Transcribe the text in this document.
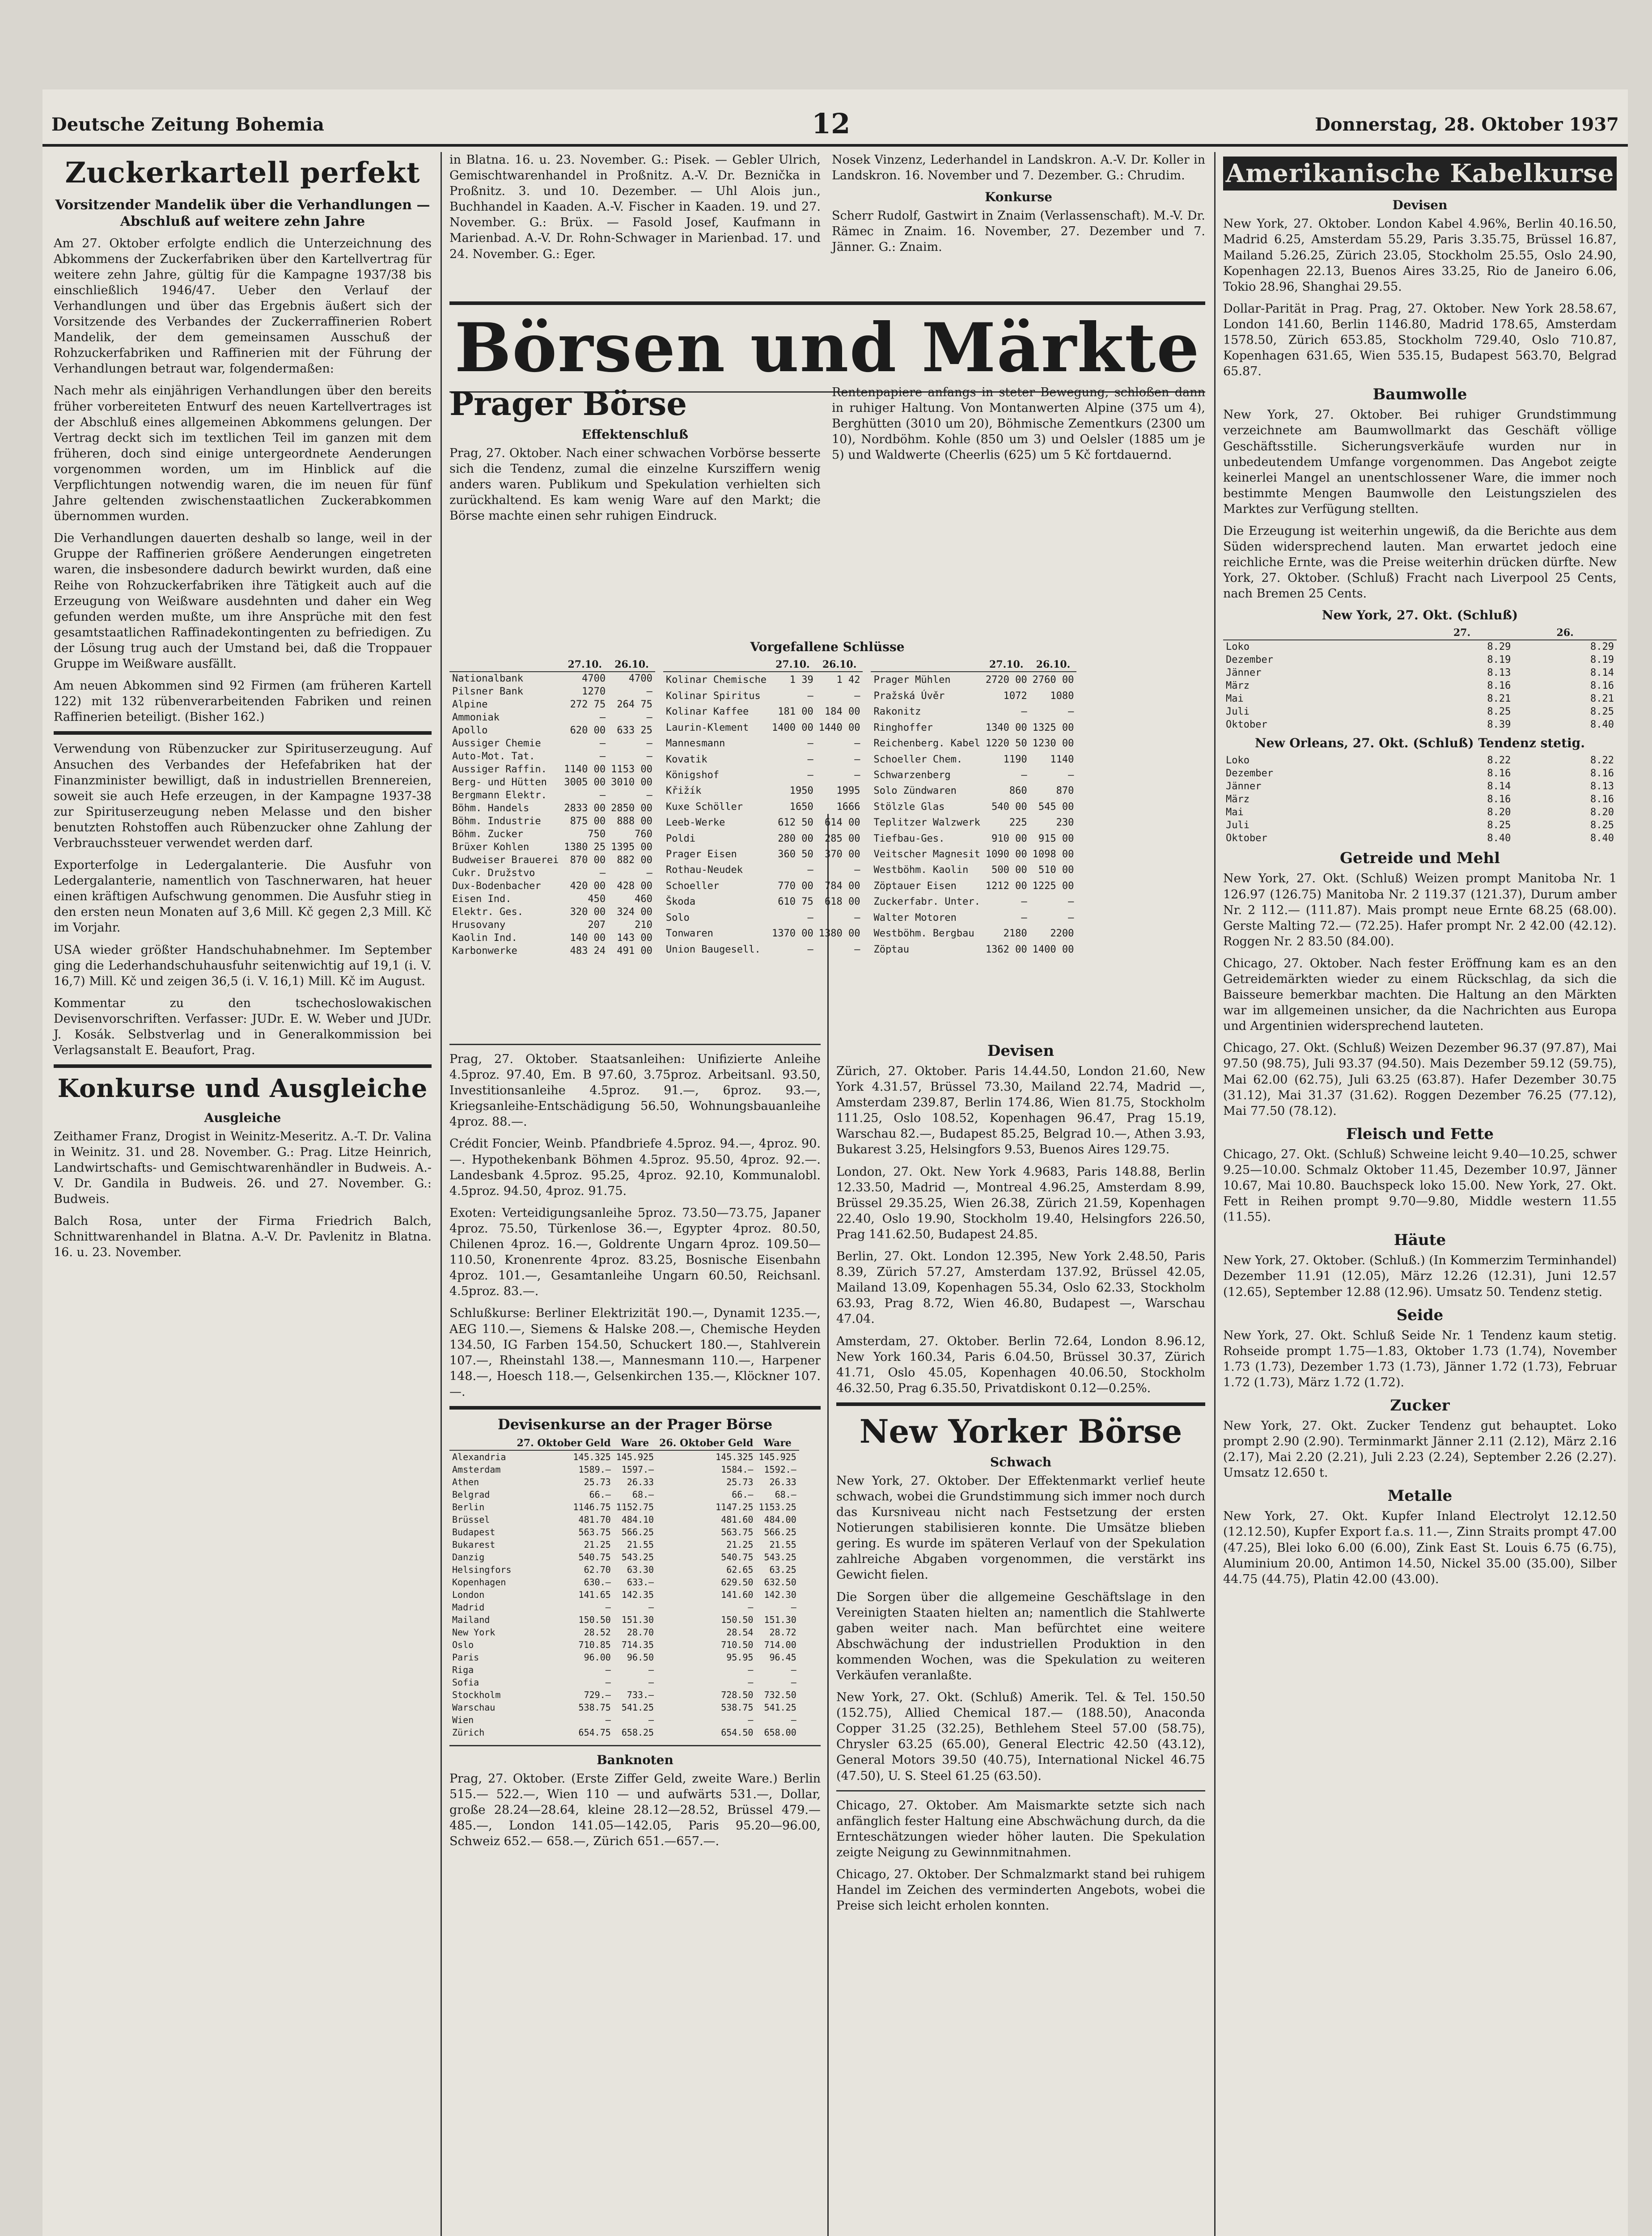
Deutsche Zeitung Bohemia	12	Donnerstag, 28. Oktober 1937
Zuckerkartell perfekt
Vorsitzender Mandelik über die Verhandlungen — Abschluß auf weitere zehn Jahre

Am 27. Oktober erfolgte endlich die Unterzeichnung des Abkommens der Zuckerfabriken über den Kartellvertrag für weitere zehn Jahre, gültig für die Kampagne 1937/38 bis einschließlich 1946/47. Ueber den Verlauf der Verhandlungen und über das Ergebnis äußert sich der Vorsitzende des Verbandes der Zuckerraffinerien Robert Mandelik, der dem gemeinsamen Ausschuß der Rohzuckerfabriken und Raffinerien mit der Führung der Verhandlungen betraut war, folgendermaßen:

Nach mehr als einjährigen Verhandlungen über den bereits früher vorbereiteten Entwurf des neuen Kartellvertrages ist der Abschluß eines allgemeinen Abkommens gelungen. Der Vertrag deckt sich im textlichen Teil im ganzen mit dem früheren, doch sind einige untergeordnete Aenderungen vorgenommen worden, um im Hinblick auf die Verpflichtungen notwendig waren, die im neuen für fünf Jahre geltenden zwischenstaatlichen Zuckerabkommen übernommen wurden.

Die Verhandlungen dauerten deshalb so lange, weil in der Gruppe der Raffinerien größere Aenderungen eingetreten waren, die insbesondere dadurch bewirkt wurden, daß eine Reihe von Rohzuckerfabriken ihre Tätigkeit auch auf die Erzeugung von Weißware ausdehnten und daher ein Weg gefunden werden mußte, um ihre Ansprüche mit den fest gesamtstaatlichen Raffinadekontingenten zu befriedigen. Zu der Lösung trug auch der Umstand bei, daß die Troppauer Gruppe im Weißware ausfällt.

Am neuen Abkommen sind 92 Firmen (am früheren Kartell 122) mit 132 rübenverarbeitenden Fabriken und reinen Raffinerien beteiligt. (Bisher 162.)

Verwendung von Rübenzucker zur Spirituserzeugung. Auf Ansuchen des Verbandes der Hefefabriken hat der Finanzminister bewilligt, daß in industriellen Brennereien, soweit sie auch Hefe erzeugen, in der Kampagne 1937-38 zur Spirituserzeugung neben Melasse und den bisher benutzten Rohstoffen auch Rübenzucker ohne Zahlung der Verbrauchssteuer verwendet werden darf.

Exporterfolge in Ledergalanterie. Die Ausfuhr von Ledergalanterie, namentlich von Taschnerwaren, hat heuer einen kräftigen Aufschwung genommen. Die Ausfuhr stieg in den ersten neun Monaten auf 3,6 Mill. Kč gegen 2,3 Mill. Kč im Vorjahr.

USA wieder größter Handschuhabnehmer. Im September ging die Lederhandschuhausfuhr seitenwichtig auf 19,1 (i. V. 16,7) Mill. Kč und zeigen 36,5 (i. V. 16,1) Mill. Kč im August.

Kommentar zu den tschechoslowakischen Devisenvorschriften. Verfasser: JUDr. E. W. Weber und JUDr. J. Kosák. Selbstverlag und in Generalkommission bei Verlagsanstalt E. Beaufort, Prag.

Konkurse und Ausgleiche
Ausgleiche

Zeithamer Franz, Drogist in Weinitz-Meseritz. A.-T. Dr. Valina in Weinitz. 31. und 28. November. G.: Prag. Litze Heinrich, Landwirtschafts- und Gemischtwarenhändler in Budweis. A.-V. Dr. Gandila in Budweis. 26. und 27. November. G.: Budweis.

Balch Rosa, unter der Firma Friedrich Balch, Schnittwarenhandel in Blatna. A.-V. Dr. Pavlenitz in Blatna. 16. u. 23. November.

in Blatna. 16. u. 23. November. G.: Pisek. — Gebler Ulrich, Gemischtwarenhandel in Proßnitz. A.-V. Dr. Beznička in Proßnitz. 3. und 10. Dezember. — Uhl Alois jun., Buchhandel in Kaaden. A.-V. Fischer in Kaaden. 19. und 27. November. G.: Brüx. — Fasold Josef, Kaufmann in Marienbad. A.-V. Dr. Rohn-Schwager in Marienbad. 17. und 24. November. G.: Eger.

Nosek Vinzenz, Lederhandel in Landskron. A.-V. Dr. Koller in Landskron. 16. November und 7. Dezember. G.: Chrudim.

Konkurse

Scherr Rudolf, Gastwirt in Znaim (Verlassenschaft). M.-V. Dr. Rämec in Znaim. 16. November, 27. Dezember und 7. Jänner. G.: Znaim.

Börsen und Märkte
Prager Börse
Effektenschluß

Prag, 27. Oktober. Nach einer schwachen Vorbörse besserte sich die Tendenz, zumal die einzelne Kursziffern wenig anders waren. Publikum und Spekulation verhielten sich zurückhaltend. Es kam wenig Ware auf den Markt; die Börse machte einen sehr ruhigen Eindruck.

Rentenpapiere anfangs in steter Bewegung, schloßen dann in ruhiger Haltung. Von Montanwerten Alpine (375 um 4), Berghütten (3010 um 20), Böhmische Zementkurs (2300 um 10), Nordböhm. Kohle (850 um 3) und Oelsler (1885 um je 5) und Waldwerte (Cheerlis (625) um 5 Kč fortdauernd.

Vorgefallene Schlüsse
	27.10.	26.10.
Nationalbank	4700	4700
Pilsner Bank	1270	—
Alpine	272 75	264 75
Ammoniak	—	—
Apollo	620 00	633 25
Aussiger Chemie	—	—
Auto-Mot. Tat.	—	—
Aussiger Raffin.	1140 00	1153 00
Berg- und Hütten	3005 00	3010 00
Bergmann Elektr.	—	—
Böhm. Handels	2833 00	2850 00
Böhm. Industrie	875 00	888 00
Böhm. Zucker	750	760
Brüxer Kohlen	1380 25	1395 00
Budweiser Brauerei	870 00	882 00
Cukr. Družstvo	—	—
Dux-Bodenbacher	420 00	428 00
Eisen Ind.	450	460
Elektr. Ges.	320 00	324 00
Hrusovany	207	210
Kaolin Ind.	140 00	143 00
Karbonwerke	483 24	491 00
	27.10.	26.10.
Kolinar Chemische	1 39	1 42
Kolinar Spiritus	—	—
Kolinar Kaffee	181 00	184 00
Laurin-Klement	1400 00	1440 00
Mannesmann	—	—
Kovatik	—	—
Königshof	—	—
Křižík	1950	1995
Kuxe Schöller	1650	1666
Leeb-Werke	612 50	614 00
Poldi	280 00	285 00
Prager Eisen	360 50	370 00
Rothau-Neudek	—	—
Schoeller	770 00	784 00
Škoda	610 75	618 00
Solo	—	—
Tonwaren	1370 00	1380 00
Union Baugesell.	—	—
	27.10.	26.10.
Prager Mühlen	2720 00	2760 00
Pražská Úvěr	1072	1080
Rakonitz	—	—
Ringhoffer	1340 00	1325 00
Reichenberg. Kabel	1220 50	1230 00
Schoeller Chem.	1190	1140
Schwarzenberg	—	—
Solo Zündwaren	860	870
Stölzle Glas	540 00	545 00
Teplitzer Walzwerk	225	230
Tiefbau-Ges.	910 00	915 00
Veitscher Magnesit	1090 00	1098 00
Westböhm. Kaolin	500 00	510 00
Zöptauer Eisen	1212 00	1225 00
Zuckerfabr. Unter.	—	—
Walter Motoren	—	—
Westböhm. Bergbau	2180	2200
Zöptau	1362 00	1400 00

Prag, 27. Oktober. Staatsanleihen: Unifizierte Anleihe 4.5proz. 97.40, Em. B 97.60, 3.75proz. Arbeitsanl. 93.50, Investitionsanleihe 4.5proz. 91.—, 6proz. 93.—, Kriegsanleihe-Entschädigung 56.50, Wohnungsbauanleihe 4proz. 88.—.

Crédit Foncier, Weinb. Pfandbriefe 4.5proz. 94.—, 4proz. 90.—. Hypothekenbank Böhmen 4.5proz. 95.50, 4proz. 92.—. Landesbank 4.5proz. 95.25, 4proz. 92.10, Kommunalobl. 4.5proz. 94.50, 4proz. 91.75.

Exoten: Verteidigungsanleihe 5proz. 73.50—73.75, Japaner 4proz. 75.50, Türkenlose 36.—, Egypter 4proz. 80.50, Chilenen 4proz. 16.—, Goldrente Ungarn 4proz. 109.50—110.50, Kronenrente 4proz. 83.25, Bosnische Eisenbahn 4proz. 101.—, Gesamtanleihe Ungarn 60.50, Reichsanl. 4.5proz. 83.—.

Schlußkurse: Berliner Elektrizität 190.—, Dynamit 1235.—, AEG 110.—, Siemens & Halske 208.—, Chemische Heyden 134.50, IG Farben 154.50, Schuckert 180.—, Stahlverein 107.—, Rheinstahl 138.—, Mannesmann 110.—, Harpener 148.—, Hoesch 118.—, Gelsenkirchen 135.—, Klöckner 107.—.

Devisenkurse an der Prager Börse
	27. Oktober Geld	Ware	26. Oktober Geld	Ware
Alexandria	145.325	145.925	145.325	145.925
Amsterdam	1589.—	1597.—	1584.—	1592.—
Athen	25.73	26.33	25.73	26.33
Belgrad	66.—	68.—	66.—	68.—
Berlin	1146.75	1152.75	1147.25	1153.25
Brüssel	481.70	484.10	481.60	484.00
Budapest	563.75	566.25	563.75	566.25
Bukarest	21.25	21.55	21.25	21.55
Danzig	540.75	543.25	540.75	543.25
Helsingfors	62.70	63.30	62.65	63.25
Kopenhagen	630.—	633.—	629.50	632.50
London	141.65	142.35	141.60	142.30
Madrid	—	—	—	—
Mailand	150.50	151.30	150.50	151.30
New York	28.52	28.70	28.54	28.72
Oslo	710.85	714.35	710.50	714.00
Paris	96.00	96.50	95.95	96.45
Riga	—	—	—	—
Sofia	—	—	—	—
Stockholm	729.—	733.—	728.50	732.50
Warschau	538.75	541.25	538.75	541.25
Wien	—	—	—	—
Zürich	654.75	658.25	654.50	658.00
Banknoten

Prag, 27. Oktober. (Erste Ziffer Geld, zweite Ware.) Berlin 515.— 522.—, Wien 110 — und aufwärts 531.—, Dollar, große 28.24—28.64, kleine 28.12—28.52, Brüssel 479.— 485.—, London 141.05—142.05, Paris 95.20—96.00, Schweiz 652.— 658.—, Zürich 651.—657.—.

Devisen

Zürich, 27. Oktober. Paris 14.44.50, London 21.60, New York 4.31.57, Brüssel 73.30, Mailand 22.74, Madrid —, Amsterdam 239.87, Berlin 174.86, Wien 81.75, Stockholm 111.25, Oslo 108.52, Kopenhagen 96.47, Prag 15.19, Warschau 82.—, Budapest 85.25, Belgrad 10.—, Athen 3.93, Bukarest 3.25, Helsingfors 9.53, Buenos Aires 129.75.

London, 27. Okt. New York 4.9683, Paris 148.88, Berlin 12.33.50, Madrid —, Montreal 4.96.25, Amsterdam 8.99, Brüssel 29.35.25, Wien 26.38, Zürich 21.59, Kopenhagen 22.40, Oslo 19.90, Stockholm 19.40, Helsingfors 226.50, Prag 141.62.50, Budapest 24.85.

Berlin, 27. Okt. London 12.395, New York 2.48.50, Paris 8.39, Zürich 57.27, Amsterdam 137.92, Brüssel 42.05, Mailand 13.09, Kopenhagen 55.34, Oslo 62.33, Stockholm 63.93, Prag 8.72, Wien 46.80, Budapest —, Warschau 47.04.

Amsterdam, 27. Oktober. Berlin 72.64, London 8.96.12, New York 160.34, Paris 6.04.50, Brüssel 30.37, Zürich 41.71, Oslo 45.05, Kopenhagen 40.06.50, Stockholm 46.32.50, Prag 6.35.50, Privatdiskont 0.12—0.25%.

New Yorker Börse
Schwach

New York, 27. Oktober. Der Effektenmarkt verlief heute schwach, wobei die Grundstimmung sich immer noch durch das Kursniveau nicht nach Festsetzung der ersten Notierungen stabilisieren konnte. Die Umsätze blieben gering. Es wurde im späteren Verlauf von der Spekulation zahlreiche Abgaben vorgenommen, die verstärkt ins Gewicht fielen.

Die Sorgen über die allgemeine Geschäftslage in den Vereinigten Staaten hielten an; namentlich die Stahlwerte gaben weiter nach. Man befürchtet eine weitere Abschwächung der industriellen Produktion in den kommenden Wochen, was die Spekulation zu weiteren Verkäufen veranlaßte.

New York, 27. Okt. (Schluß) Amerik. Tel. & Tel. 150.50 (152.75), Allied Chemical 187.— (188.50), Anaconda Copper 31.25 (32.25), Bethlehem Steel 57.00 (58.75), Chrysler 63.25 (65.00), General Electric 42.50 (43.12), General Motors 39.50 (40.75), International Nickel 46.75 (47.50), U. S. Steel 61.25 (63.50).

Chicago, 27. Oktober. Am Maismarkte setzte sich nach anfänglich fester Haltung eine Abschwächung durch, da die Ernteschätzungen wieder höher lauten. Die Spekulation zeigte Neigung zu Gewinnmitnahmen.

Chicago, 27. Oktober. Der Schmalzmarkt stand bei ruhigem Handel im Zeichen des verminderten Angebots, wobei die Preise sich leicht erholen konnten.

Amerikanische Kabelkurse
Devisen

New York, 27. Oktober. London Kabel 4.96%, Berlin 40.16.50, Madrid 6.25, Amsterdam 55.29, Paris 3.35.75, Brüssel 16.87, Mailand 5.26.25, Zürich 23.05, Stockholm 25.55, Oslo 24.90, Kopenhagen 22.13, Buenos Aires 33.25, Rio de Janeiro 6.06, Tokio 28.96, Shanghai 29.55.

Dollar-Parität in Prag. Prag, 27. Oktober. New York 28.58.67, London 141.60, Berlin 1146.80, Madrid 178.65, Amsterdam 1578.50, Zürich 653.85, Stockholm 729.40, Oslo 710.87, Kopenhagen 631.65, Wien 535.15, Budapest 563.70, Belgrad 65.87.

Baumwolle

New York, 27. Oktober. Bei ruhiger Grundstimmung verzeichnete am Baumwollmarkt das Geschäft völlige Geschäftsstille. Sicherungsverkäufe wurden nur in unbedeutendem Umfange vorgenommen. Das Angebot zeigte keinerlei Mangel an unentschlossener Ware, die immer noch bestimmte Mengen Baumwolle den Leistungszielen des Marktes zur Verfügung stellten.

Die Erzeugung ist weiterhin ungewiß, da die Berichte aus dem Süden widersprechend lauten. Man erwartet jedoch eine reichliche Ernte, was die Preise weiterhin drücken dürfte. New York, 27. Oktober. (Schluß) Fracht nach Liverpool 25 Cents, nach Bremen 25 Cents.

New York, 27. Okt. (Schluß)
	27.	26.
Loko	8.29	8.29
Dezember	8.19	8.19
Jänner	8.13	8.14
März	8.16	8.16
Mai	8.21	8.21
Juli	8.25	8.25
Oktober	8.39	8.40
New Orleans, 27. Okt. (Schluß) Tendenz stetig.
Loko	8.22	8.22
Dezember	8.16	8.16
Jänner	8.14	8.13
März	8.16	8.16
Mai	8.20	8.20
Juli	8.25	8.25
Oktober	8.40	8.40
Getreide und Mehl

New York, 27. Okt. (Schluß) Weizen prompt Manitoba Nr. 1 126.97 (126.75) Manitoba Nr. 2 119.37 (121.37), Durum amber Nr. 2 112.— (111.87). Mais prompt neue Ernte 68.25 (68.00). Gerste Malting 72.— (72.25). Hafer prompt Nr. 2 42.00 (42.12). Roggen Nr. 2 83.50 (84.00).

Chicago, 27. Oktober. Nach fester Eröffnung kam es an den Getreidemärkten wieder zu einem Rückschlag, da sich die Baisseure bemerkbar machten. Die Haltung an den Märkten war im allgemeinen unsicher, da die Nachrichten aus Europa und Argentinien widersprechend lauteten.

Chicago, 27. Okt. (Schluß) Weizen Dezember 96.37 (97.87), Mai 97.50 (98.75), Juli 93.37 (94.50). Mais Dezember 59.12 (59.75), Mai 62.00 (62.75), Juli 63.25 (63.87). Hafer Dezember 30.75 (31.12), Mai 31.37 (31.62). Roggen Dezember 76.25 (77.12), Mai 77.50 (78.12).

Fleisch und Fette

Chicago, 27. Okt. (Schluß) Schweine leicht 9.40—10.25, schwer 9.25—10.00. Schmalz Oktober 11.45, Dezember 10.97, Jänner 10.67, Mai 10.80. Bauchspeck loko 15.00. New York, 27. Okt. Fett in Reihen prompt 9.70—9.80, Middle western 11.55 (11.55).

Häute

New York, 27. Oktober. (Schluß.) (In Kommerzim Terminhandel) Dezember 11.91 (12.05), März 12.26 (12.31), Juni 12.57 (12.65), September 12.88 (12.96). Umsatz 50. Tendenz stetig.

Seide

New York, 27. Okt. Schluß Seide Nr. 1 Tendenz kaum stetig. Rohseide prompt 1.75—1.83, Oktober 1.73 (1.74), November 1.73 (1.73), Dezember 1.73 (1.73), Jänner 1.72 (1.73), Februar 1.72 (1.73), März 1.72 (1.72).

Zucker

New York, 27. Okt. Zucker Tendenz gut behauptet. Loko prompt 2.90 (2.90). Terminmarkt Jänner 2.11 (2.12), März 2.16 (2.17), Mai 2.20 (2.21), Juli 2.23 (2.24), September 2.26 (2.27). Umsatz 12.650 t.

Metalle

New York, 27. Okt. Kupfer Inland Electrolyt 12.12.50 (12.12.50), Kupfer Export f.a.s. 11.—, Zinn Straits prompt 47.00 (47.25), Blei loko 6.00 (6.00), Zink East St. Louis 6.75 (6.75), Aluminium 20.00, Antimon 14.50, Nickel 35.00 (35.00), Silber 44.75 (44.75), Platin 42.00 (43.00).
